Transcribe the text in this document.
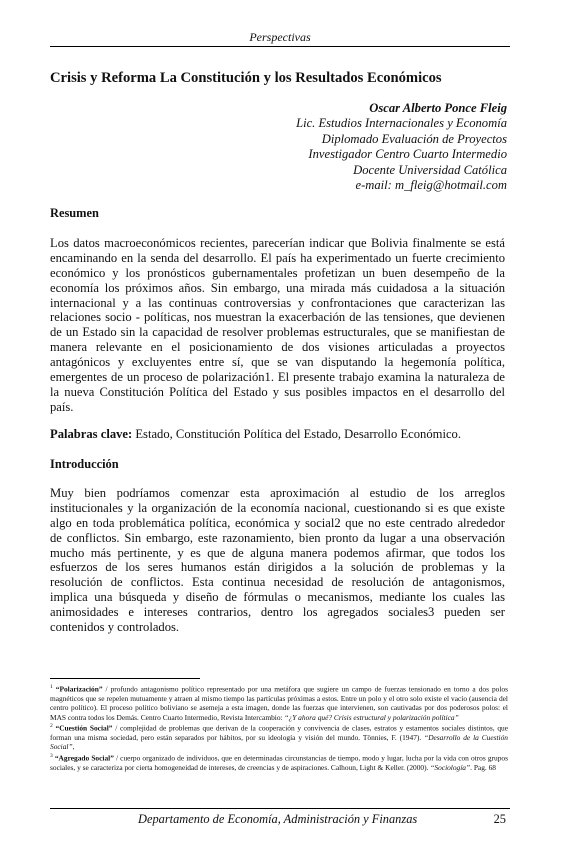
Perspectivas
Crisis y Reforma La Constitución y los Resultados Económicos
Oscar Alberto Ponce Fleig
Lic. Estudios Internacionales y Economía
Diplomado Evaluación de Proyectos
Investigador Centro Cuarto Intermedio
Docente Universidad Católica
e-mail: m_fleig@hotmail.com
Resumen
Los datos macroeconómicos recientes, parecerían indicar que Bolivia finalmente se está
encaminando en la senda del desarrollo. El país ha experimentado un fuerte crecimiento
económico y los pronósticos gubernamentales profetizan un buen desempeño de la
economía los próximos años. Sin embargo, una mirada más cuidadosa a la situación
internacional y a las continuas controversias y confrontaciones que caracterizan las
relaciones socio - políticas, nos muestran la exacerbación de las tensiones, que devienen
de un Estado sin la capacidad de resolver problemas estructurales, que se manifiestan de
manera relevante en el posicionamiento de dos visiones articuladas a proyectos
antagónicos y excluyentes entre sí, que se van disputando la hegemonía política,
emergentes de un proceso de polarización1. El presente trabajo examina la naturaleza de
la nueva Constitución Política del Estado y sus posibles impactos en el desarrollo del
país.
Palabras clave: Estado, Constitución Política del Estado, Desarrollo Económico.
Introducción
Muy bien podríamos comenzar esta aproximación al estudio de los arreglos
institucionales y la organización de la economía nacional, cuestionando si es que existe
algo en toda problemática política, económica y social2 que no este centrado alrededor
de conflictos. Sin embargo, este razonamiento, bien pronto da lugar a una observación
mucho más pertinente, y es que de alguna manera podemos afirmar, que todos los
esfuerzos de los seres humanos están dirigidos a la solución de problemas y la
resolución de conflictos. Esta continua necesidad de resolución de antagonismos,
implica una búsqueda y diseño de fórmulas o mecanismos, mediante los cuales las
animosidades e intereses contrarios, dentro los agregados sociales3 pueden ser
contenidos y controlados.
$^1$ “Polarización” / profundo antagonismo político representado por una metáfora que sugiere un campo de fuerzas tensionado en torno a dos polos magnéticos que se repelen mutuamente y atraen al mismo tiempo las partículas próximas a estos. Entre un polo y el otro solo existe el vacío (ausencia del centro político). El proceso político boliviano se asemeja a esta imagen, donde las fuerzas que intervienen, son cautivadas por dos poderosos polos: el MAS contra todos los Demás. Centro Cuarto Intermedio, Revista Intercambio: “¿Y ahora qué? Crisis estructural y polarización política”
$^2$ “Cuestión Social” / complejidad de problemas que derivan de la cooperación y convivencia de clases, estratos y estamentos sociales distintos, que forman una misma sociedad, pero están separados por hábitos, por su ideología y visión del mundo. Tönnies, F. (1947). “Desarrollo de la Cuestión Social”,
$^3$ “Agregado Social” / cuerpo organizado de individuos, que en determinadas circunstancias de tiempo, modo y lugar, lucha por la vida con otros grupos sociales, y se caracteriza por cierta homogeneidad de intereses, de creencias y de aspiraciones. Calhoun, Light & Keller. (2000). “Sociología”. Pag. 68
Departamento de Economía, Administración y Finanzas	25
